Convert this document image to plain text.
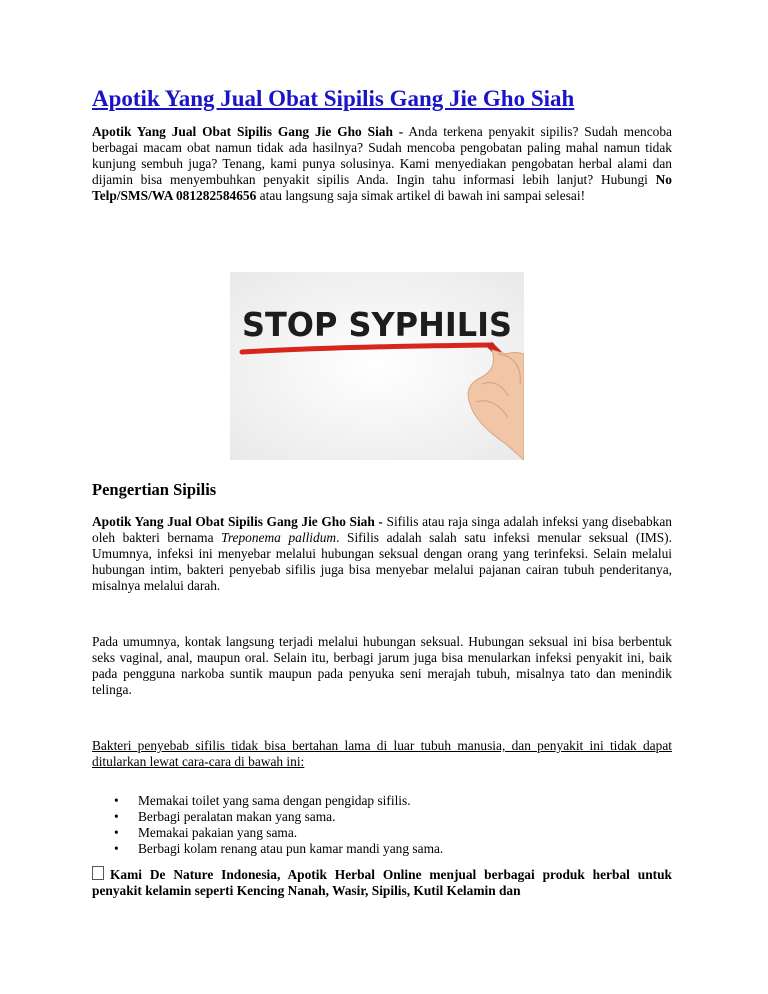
Apotik Yang Jual Obat Sipilis Gang Jie Gho Siah

Apotik Yang Jual Obat Sipilis Gang Jie Gho Siah - Anda terkena penyakit sipilis? Sudah mencoba berbagai macam obat namun tidak ada hasilnya? Sudah mencoba pengobatan paling mahal namun tidak kunjung sembuh juga? Tenang, kami punya solusinya. Kami menyediakan pengobatan herbal alami dan dijamin bisa menyembuhkan penyakit sipilis Anda. Ingin tahu informasi lebih lanjut? Hubungi No Telp/SMS/WA 081282584656 atau langsung saja simak artikel di bawah ini sampai selesai!

STOP SYPHILIS
Pengertian Sipilis

Apotik Yang Jual Obat Sipilis Gang Jie Gho Siah - Sifilis atau raja singa adalah infeksi yang disebabkan oleh bakteri bernama Treponema pallidum. Sifilis adalah salah satu infeksi menular seksual (IMS). Umumnya, infeksi ini menyebar melalui hubungan seksual dengan orang yang terinfeksi. Selain melalui hubungan intim, bakteri penyebab sifilis juga bisa menyebar melalui pajanan cairan tubuh penderitanya, misalnya melalui darah.

Pada umumnya, kontak langsung terjadi melalui hubungan seksual. Hubungan seksual ini bisa berbentuk seks vaginal, anal, maupun oral. Selain itu, berbagi jarum juga bisa menularkan infeksi penyakit ini, baik pada pengguna narkoba suntik maupun pada penyuka seni merajah tubuh, misalnya tato dan menindik telinga.

Bakteri penyebab sifilis tidak bisa bertahan lama di luar tubuh manusia, dan penyakit ini tidak dapat ditularkan lewat cara-cara di bawah ini:

• Memakai toilet yang sama dengan pengidap sifilis.
• Berbagi peralatan makan yang sama.
• Memakai pakaian yang sama.
• Berbagi kolam renang atau pun kamar mandi yang sama.

Kami De Nature Indonesia, Apotik Herbal Online menjual berbagai produk herbal untuk penyakit kelamin seperti Kencing Nanah, Wasir, Sipilis, Kutil Kelamin dan
